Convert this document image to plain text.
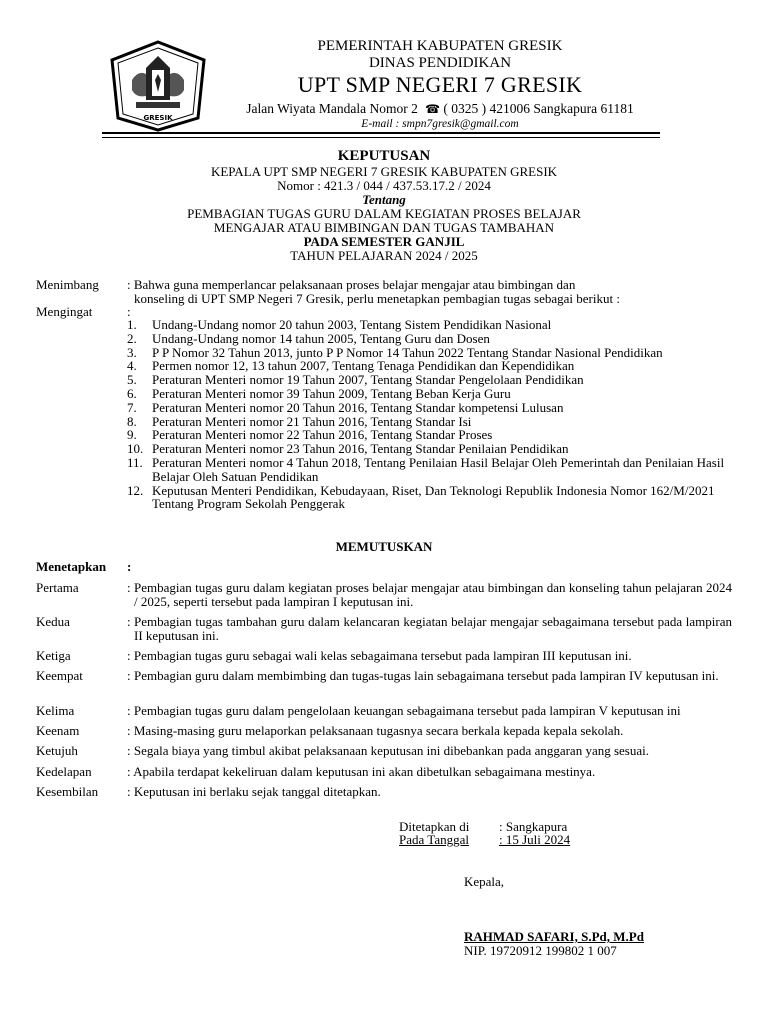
GRESIK
PEMERINTAH KABUPATEN GRESIK
DINAS PENDIDIKAN
UPT SMP NEGERI 7 GRESIK
Jalan Wiyata Mandala Nomor 2  ☎ ( 0325 ) 421006 Sangkapura 61181
E-mail : smpn7gresik@gmail.com
KEPUTUSAN
KEPALA UPT SMP NEGERI 7 GRESIK KABUPATEN GRESIK
Nomor : 421.3 / 044 / 437.53.17.2 / 2024
Tentang
PEMBAGIAN TUGAS GURU DALAM KEGIATAN PROSES BELAJAR
MENGAJAR ATAU BIMBINGAN DAN TUGAS TAMBAHAN
PADA SEMESTER GANJIL
TAHUN PELAJARAN 2024 / 2025
Menimbang : Bahwa guna memperlancar pelaksanaan proses belajar mengajar atau bimbingan dan
konseling di UPT SMP Negeri 7 Gresik, perlu menetapkan pembagian tugas sebagai berikut :
Mengingat	:
1. Undang-Undang nomor 20 tahun 2003, Tentang Sistem Pendidikan Nasional
2. Undang-Undang nomor 14 tahun 2005, Tentang Guru dan Dosen
3. P P Nomor 32 Tahun 2013, junto P P Nomor 14 Tahun 2022 Tentang Standar Nasional Pendidikan
4. Permen nomor 12, 13 tahun 2007, Tentang Tenaga Pendidikan dan Kependidikan
5. Peraturan Menteri nomor 19 Tahun 2007, Tentang Standar Pengelolaan Pendidikan
6. Peraturan Menteri nomor 39 Tahun 2009, Tentang Beban Kerja Guru
7. Peraturan Menteri nomor 20 Tahun 2016, Tentang Standar kompetensi Lulusan
8. Peraturan Menteri nomor 21 Tahun 2016, Tentang Standar Isi
9. Peraturan Menteri nomor 22 Tahun 2016, Tentang Standar Proses
10. Peraturan Menteri nomor 23 Tahun 2016, Tentang Standar Penilaian Pendidikan
11. Peraturan Menteri nomor 4 Tahun 2018, Tentang Penilaian Hasil Belajar Oleh Pemerintah dan Penilaian Hasil Belajar Oleh Satuan Pendidikan
12. Keputusan Menteri Pendidikan, Kebudayaan, Riset, Dan Teknologi Republik Indonesia Nomor 162/M/2021 Tentang Program Sekolah Penggerak
MEMUTUSKAN
Menetapkan :
Pertama	: Pembagian tugas guru dalam kegiatan proses belajar mengajar atau bimbingan dan konseling tahun pelajaran 2024 / 2025, seperti tersebut pada lampiran I keputusan ini.
Kedua	: Pembagian tugas tambahan guru dalam kelancaran kegiatan belajar mengajar sebagaimana tersebut pada lampiran II keputusan ini.
Ketiga	: Pembagian tugas guru sebagai wali kelas sebagaimana tersebut pada lampiran III keputusan ini.
Keempat	: Pembagian guru dalam membimbing dan tugas-tugas lain sebagaimana tersebut pada lampiran IV keputusan ini.
Kelima	: Pembagian tugas guru dalam pengelolaan keuangan sebagaimana tersebut pada lampiran V keputusan ini
Keenam	: Masing-masing guru melaporkan pelaksanaan tugasnya secara berkala kepada kepala sekolah.
Ketujuh	: Segala biaya yang timbul akibat pelaksanaan keputusan ini dibebankan pada anggaran yang sesuai.
Kedelapan	: Apabila terdapat kekeliruan dalam keputusan ini akan dibetulkan sebagaimana mestinya.
Kesembilan : Keputusan ini berlaku sejak tanggal ditetapkan.
Ditetapkan di : Sangkapura
Pada Tanggal	: 15 Juli 2024
Kepala,
RAHMAD SAFARI, S.Pd, M.Pd
NIP. 19720912 199802 1 007
